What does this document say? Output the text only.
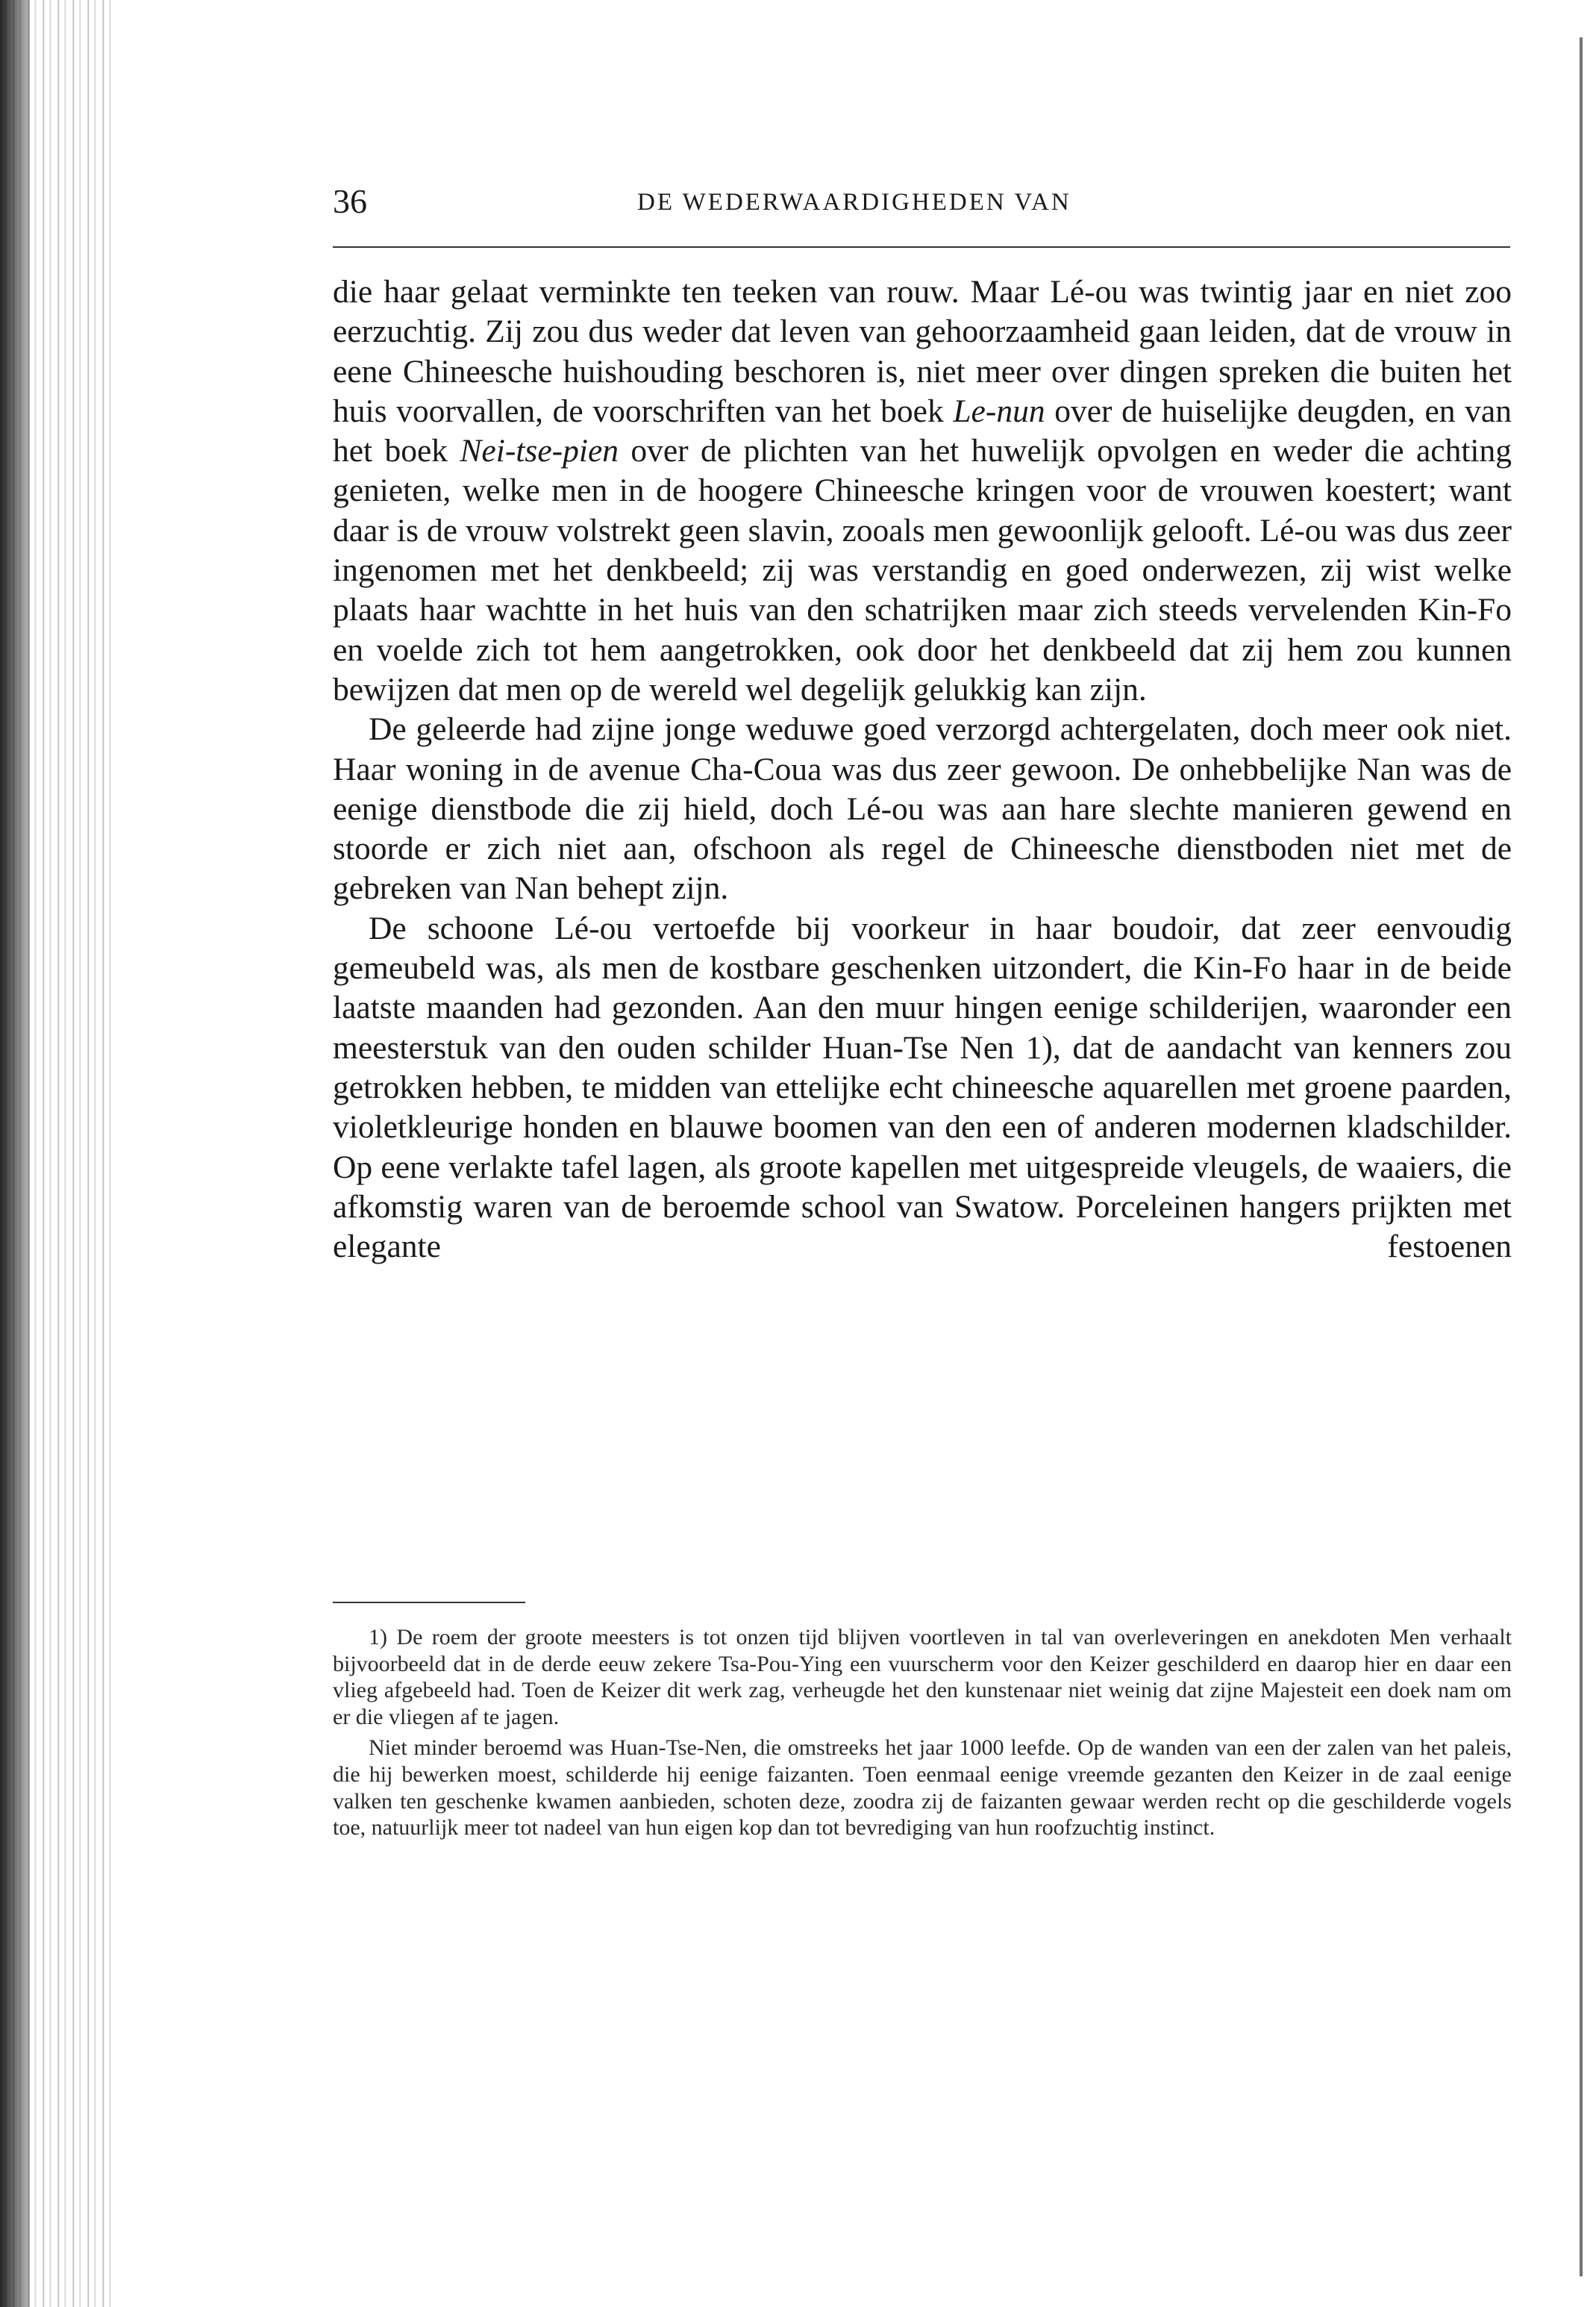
36	DE WEDERWAARDIGHEDEN VAN

die haar gelaat verminkte ten teeken van rouw. Maar Lé-ou was twintig jaar en niet zoo eerzuchtig. Zij zou dus weder dat leven van gehoorzaamheid gaan leiden, dat de vrouw in eene Chineesche huishouding beschoren is, niet meer over dingen spreken die buiten het huis voorvallen, de voorschriften van het boek Le-nun over de huiselijke deugden, en van het boek Nei-tse-pien over de plichten van het huwelijk opvolgen en weder die achting genieten, welke men in de hoogere Chineesche kringen voor de vrouwen koestert; want daar is de vrouw volstrekt geen slavin, zooals men gewoonlijk gelooft. Lé-ou was dus zeer ingenomen met het denkbeeld; zij was verstandig en goed onderwezen, zij wist welke plaats haar wachtte in het huis van den schatrijken maar zich steeds vervelenden Kin-Fo en voelde zich tot hem aangetrokken, ook door het denkbeeld dat zij hem zou kunnen bewijzen dat men op de wereld wel degelijk gelukkig kan zijn.

De geleerde had zijne jonge weduwe goed verzorgd achtergelaten, doch meer ook niet. Haar woning in de avenue Cha-Coua was dus zeer gewoon. De onhebbelijke Nan was de eenige dienstbode die zij hield, doch Lé-ou was aan hare slechte manieren gewend en stoorde er zich niet aan, ofschoon als regel de Chineesche dienstboden niet met de gebreken van Nan behept zijn.

De schoone Lé-ou vertoefde bij voorkeur in haar boudoir, dat zeer eenvoudig gemeubeld was, als men de kostbare geschenken uitzondert, die Kin-Fo haar in de beide laatste maanden had gezonden. Aan den muur hingen eenige schilderijen, waaronder een meesterstuk van den ouden schilder Huan-Tse Nen 1), dat de aandacht van kenners zou getrokken hebben, te midden van ettelijke echt chineesche aquarellen met groene paarden, violetkleurige honden en blauwe boomen van den een of anderen modernen kladschilder. Op eene verlakte tafel lagen, als groote kapellen met uitgespreide vleugels, de waaiers, die afkomstig waren van de beroemde school van Swatow. Porceleinen hangers prijkten met elegante festoenen

1) De roem der groote meesters is tot onzen tijd blijven voortleven in tal van overleveringen en anekdoten Men verhaalt bijvoorbeeld dat in de derde eeuw zekere Tsa-Pou-Ying een vuurscherm voor den Keizer geschilderd en daarop hier en daar een vlieg afgebeeld had. Toen de Keizer dit werk zag, verheugde het den kunstenaar niet weinig dat zijne Majesteit een doek nam om er die vliegen af te jagen.

Niet minder beroemd was Huan-Tse-Nen, die omstreeks het jaar 1000 leefde. Op de wanden van een der zalen van het paleis, die hij bewerken moest, schilderde hij eenige faizanten. Toen eenmaal eenige vreemde gezanten den Keizer in de zaal eenige valken ten geschenke kwamen aanbieden, schoten deze, zoodra zij de faizanten gewaar werden recht op die geschilderde vogels toe, natuurlijk meer tot nadeel van hun eigen kop dan tot bevrediging van hun roofzuchtig instinct.
